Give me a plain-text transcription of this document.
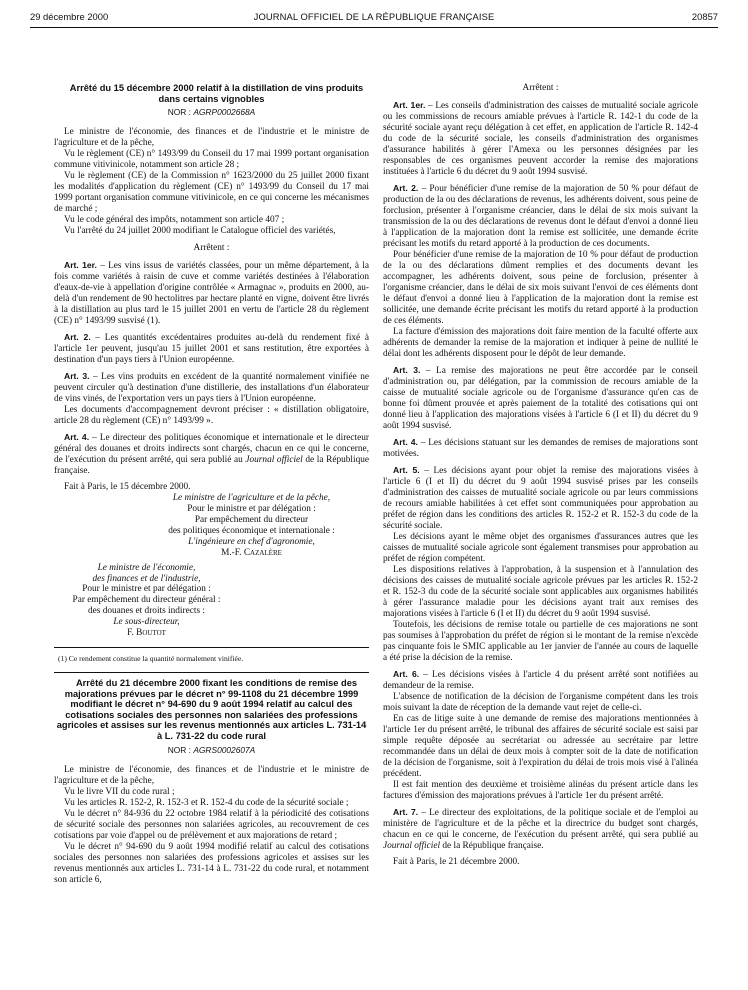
29 décembre 2000	JOURNAL OFFICIEL DE LA RÉPUBLIQUE FRANÇAISE	20857

Arrêté du 15 décembre 2000 relatif à la distillation de vins produits dans certains vignobles

NOR : AGRP0002668A

Le ministre de l'économie, des finances et de l'industrie et le ministre de l'agriculture et de la pêche,

Vu le règlement (CE) n° 1493/99 du Conseil du 17 mai 1999 portant organisation commune vitivinicole, notamment son article 28 ;

Vu le règlement (CE) de la Commission n° 1623/2000 du 25 juillet 2000 fixant les modalités d'application du règlement (CE) n° 1493/99 du Conseil du 17 mai 1999 portant organisation commune vitivinicole, en ce qui concerne les mécanismes de marché ;

Vu le code général des impôts, notamment son article 407 ;

Vu l'arrêté du 24 juillet 2000 modifiant le Catalogue officiel des variétés,

Arrêtent :

Art. 1er. – Les vins issus de variétés classées, pour un même département, à la fois comme variétés à raisin de cuve et comme variétés destinées à l'élaboration d'eaux-de-vie à appellation d'origine contrôlée « Armagnac », produits en 2000, au-delà d'un rendement de 90 hectolitres par hectare planté en vigne, doivent être livrés à la distillation au plus tard le 15 juillet 2001 en vertu de l'article 28 du règlement (CE) n° 1493/99 susvisé (1).

Art. 2. – Les quantités excédentaires produites au-delà du rendement fixé à l'article 1er peuvent, jusqu'au 15 juillet 2001 et sans restitution, être exportées à destination d'un pays tiers à l'Union européenne.

Art. 3. – Les vins produits en excédent de la quantité normalement vinifiée ne peuvent circuler qu'à destination d'une distillerie, des installations d'un élaborateur de vins vinés, de l'exportation vers un pays tiers à l'Union européenne.

Les documents d'accompagnement devront préciser : « distillation obligatoire, article 28 du règlement (CE) n° 1493/99 ».

Art. 4. – Le directeur des politiques économique et internationale et le directeur général des douanes et droits indirects sont chargés, chacun en ce qui le concerne, de l'exécution du présent arrêté, qui sera publié au Journal officiel de la République française.

Fait à Paris, le 15 décembre 2000.

Le ministre de l'agriculture et de la pêche,
Pour le ministre et par délégation :
Par empêchement du directeur
des politiques économique et internationale :
L'ingénieure en chef d'agronomie,
M.-F. Cazalère
Le ministre de l'économie,
des finances et de l'industrie,
Pour le ministre et par délégation :
Par empêchement du directeur général :
des douanes et droits indirects :
Le sous-directeur,
F. Boutot

(1) Ce rendement constitue la quantité normalement vinifiée.

Arrêté du 21 décembre 2000 fixant les conditions de remise des majorations prévues par le décret n° 99-1108 du 21 décembre 1999 modifiant le décret n° 94-690 du 9 août 1994 relatif au calcul des cotisations sociales des personnes non salariées des professions agricoles et assises sur les revenus mentionnés aux articles L. 731-14 à L. 731-22 du code rural

NOR : AGRS0002607A

Le ministre de l'économie, des finances et de l'industrie et le ministre de l'agriculture et de la pêche,

Vu le livre VII du code rural ;

Vu les articles R. 152-2, R. 152-3 et R. 152-4 du code de la sécurité sociale ;

Vu le décret n° 84-936 du 22 octobre 1984 relatif à la périodicité des cotisations de sécurité sociale des personnes non salariées agricoles, au recouvrement de ces cotisations par voie d'appel ou de prélèvement et aux majorations de retard ;

Vu le décret n° 94-690 du 9 août 1994 modifié relatif au calcul des cotisations sociales des personnes non salariées des professions agricoles et assises sur les revenus mentionnés aux articles L. 731-14 à L. 731-22 du code rural, et notamment son article 6,

Arrêtent :

Art. 1er. – Les conseils d'administration des caisses de mutualité sociale agricole ou les commissions de recours amiable prévues à l'article R. 142-1 du code de la sécurité sociale ayant reçu délégation à cet effet, en application de l'article R. 142-4 du code de la sécurité sociale, les conseils d'administration des organismes d'assurance habilités à gérer l'Amexa ou les personnes désignées par les responsables de ces organismes peuvent accorder la remise des majorations instituées à l'article 6 du décret du 9 août 1994 susvisé.

Art. 2. – Pour bénéficier d'une remise de la majoration de 50 % pour défaut de production de la ou des déclarations de revenus, les adhérents doivent, sous peine de forclusion, présenter à l'organisme créancier, dans le délai de six mois suivant la transmission de la ou des déclarations de revenus dont le défaut d'envoi a donné lieu à l'application de la majoration dont la remise est sollicitée, une demande écrite précisant les motifs du retard apporté à la production de ces documents.

Pour bénéficier d'une remise de la majoration de 10 % pour défaut de production de la ou des déclarations dûment remplies et des documents devant les accompagner, les adhérents doivent, sous peine de forclusion, présenter à l'organisme créancier, dans le délai de six mois suivant l'envoi de ces éléments dont le défaut d'envoi a donné lieu à l'application de la majoration dont la remise est sollicitée, une demande écrite précisant les motifs du retard apporté à la production de ces éléments.

La facture d'émission des majorations doit faire mention de la faculté offerte aux adhérents de demander la remise de la majoration et indiquer à peine de nullité le délai dont les adhérents disposent pour le dépôt de leur demande.

Art. 3. – La remise des majorations ne peut être accordée par le conseil d'administration ou, par délégation, par la commission de recours amiable de la caisse de mutualité sociale agricole ou de l'organisme d'assurance qu'en cas de bonne foi dûment prouvée et après paiement de la totalité des cotisations qui ont donné lieu à l'application des majorations visées à l'article 6 (I et II) du décret du 9 août 1994 susvisé.

Art. 4. – Les décisions statuant sur les demandes de remises de majorations sont motivées.

Art. 5. – Les décisions ayant pour objet la remise des majorations visées à l'article 6 (I et II) du décret du 9 août 1994 susvisé prises par les conseils d'administration des caisses de mutualité sociale agricole ou par leurs commissions de recours amiable habilitées à cet effet sont communiquées pour approbation au préfet de région dans les conditions des articles R. 152-2 et R. 152-3 du code de la sécurité sociale.

Les décisions ayant le même objet des organismes d'assurances autres que les caisses de mutualité sociale agricole sont également transmises pour approbation au préfet de région compétent.

Les dispositions relatives à l'approbation, à la suspension et à l'annulation des décisions des caisses de mutualité sociale agricole prévues par les articles R. 152-2 et R. 152-3 du code de la sécurité sociale sont applicables aux organismes habilités à gérer l'assurance maladie pour les décisions ayant trait aux remises des majorations visées à l'article 6 (I et II) du décret du 9 août 1994 susvisé.

Toutefois, les décisions de remise totale ou partielle de ces majorations ne sont pas soumises à l'approbation du préfet de région si le montant de la remise n'excède pas cinquante fois le SMIC applicable au 1er janvier de l'année au cours de laquelle a été prise la décision de la remise.

Art. 6. – Les décisions visées à l'article 4 du présent arrêté sont notifiées au demandeur de la remise.

L'absence de notification de la décision de l'organisme compétent dans les trois mois suivant la date de réception de la demande vaut rejet de celle-ci.

En cas de litige suite à une demande de remise des majorations mentionnées à l'article 1er du présent arrêté, le tribunal des affaires de sécurité sociale est saisi par simple requête déposée au secrétariat ou adressée au secrétaire par lettre recommandée dans un délai de deux mois à compter soit de la date de notification de la décision de l'organisme, soit à l'expiration du délai de trois mois visé à l'alinéa précédent.

Il est fait mention des deuxième et troisième alinéas du présent article dans les factures d'émission des majorations prévues à l'article 1er du présent arrêté.

Art. 7. – Le directeur des exploitations, de la politique sociale et de l'emploi au ministère de l'agriculture et de la pêche et la directrice du budget sont chargés, chacun en ce qui le concerne, de l'exécution du présent arrêté, qui sera publié au Journal officiel de la République française.

Fait à Paris, le 21 décembre 2000.
